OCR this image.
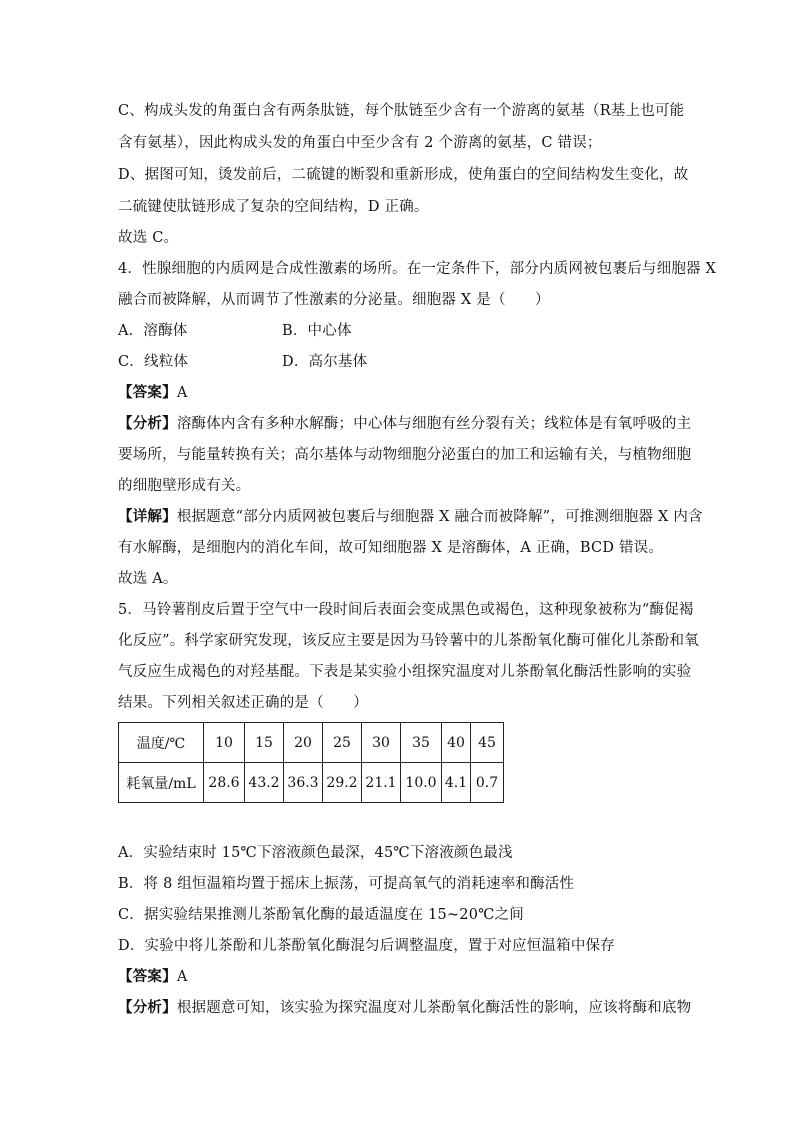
C、构成头发的角蛋白含有两条肽链，每个肽链至少含有一个游离的氨基（R基上也可能
含有氨基），因此构成头发的角蛋白中至少含有 2 个游离的氨基，C 错误；
D、据图可知，烫发前后，二硫键的断裂和重新形成，使角蛋白的空间结构发生变化，故
二硫键使肽链形成了复杂的空间结构，D 正确。
故选 C。
4．性腺细胞的内质网是合成性激素的场所。在一定条件下，部分内质网被包裹后与细胞器 X
融合而被降解，从而调节了性激素的分泌量。细胞器 X 是（　　）
A．溶酶体	B．中心体
C．线粒体	D．高尔基体
【答案】A
【分析】溶酶体内含有多种水解酶；中心体与细胞有丝分裂有关；线粒体是有氧呼吸的主
要场所，与能量转换有关；高尔基体与动物细胞分泌蛋白的加工和运输有关，与植物细胞
的细胞壁形成有关。
【详解】根据题意“部分内质网被包裹后与细胞器 X 融合而被降解”，可推测细胞器 X 内含
有水解酶，是细胞内的消化车间，故可知细胞器 X 是溶酶体，A 正确，BCD 错误。
故选 A。
5．马铃薯削皮后置于空气中一段时间后表面会变成黑色或褐色，这种现象被称为“酶促褐
化反应”。科学家研究发现，该反应主要是因为马铃薯中的儿茶酚氧化酶可催化儿茶酚和氧
气反应生成褐色的对羟基醌。下表是某实验小组探究温度对儿茶酚氧化酶活性影响的实验
结果。下列相关叙述正确的是（　　）
温度/℃	10	15	20	25	30	35	40	45
耗氧量/mL	28.6	43.2	36.3	29.2	21.1	10.0	4.1	0.7
A．实验结束时 15℃下溶液颜色最深，45℃下溶液颜色最浅
B．将 8 组恒温箱均置于摇床上振荡，可提高氧气的消耗速率和酶活性
C．据实验结果推测儿茶酚氧化酶的最适温度在 15~20℃之间
D．实验中将儿茶酚和儿茶酚氧化酶混匀后调整温度，置于对应恒温箱中保存
【答案】A
【分析】根据题意可知，该实验为探究温度对儿茶酚氧化酶活性的影响，应该将酶和底物
